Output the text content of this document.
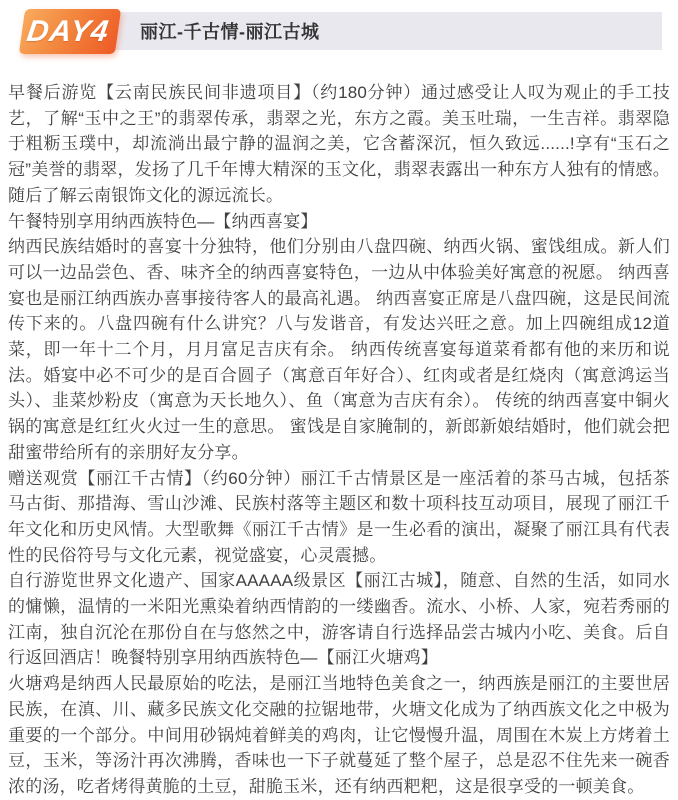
丽江-千古情-丽江古城
DAY4

早餐后游览【云南民族民间非遗项目】（约180分钟）通过感受让人叹为观止的手工技艺，了解“玉中之王”的翡翠传承，翡翠之光，东方之霞。美玉吐瑞，一生吉祥。翡翠隐于粗粝玉璞中，却流淌出最宁静的温润之美，它含蓄深沉，恒久致远......!享有“玉石之冠”美誉的翡翠，发扬了几千年博大精深的玉文化，翡翠表露出一种东方人独有的情感。随后了解云南银饰文化的源远流长。

午餐特别享用纳西族特色—【纳西喜宴】

纳西民族结婚时的喜宴十分独特，他们分别由八盘四碗、纳西火锅、蜜饯组成。新人们可以一边品尝色、香、味齐全的纳西喜宴特色，一边从中体验美好寓意的祝愿。 纳西喜宴也是丽江纳西族办喜事接待客人的最高礼遇。 纳西喜宴正席是八盘四碗，这是民间流传下来的。八盘四碗有什么讲究？八与发谐音，有发达兴旺之意。加上四碗组成12道菜，即一年十二个月，月月富足吉庆有余。 纳西传统喜宴每道菜肴都有他的来历和说法。婚宴中必不可少的是百合圆子（寓意百年好合）、红肉或者是红烧肉（寓意鸿运当头）、韭菜炒粉皮（寓意为天长地久）、鱼（寓意为吉庆有余）。 传统的纳西喜宴中铜火锅的寓意是红红火火过一生的意思。 蜜饯是自家腌制的，新郎新娘结婚时，他们就会把甜蜜带给所有的亲朋好友分享。

赠送观赏【丽江千古情】（约60分钟）丽江千古情景区是一座活着的茶马古城，包括茶马古街、那措海、雪山沙滩、民族村落等主题区和数十项科技互动项目，展现了丽江千年文化和历史风情。大型歌舞《丽江千古情》是一生必看的演出，凝聚了丽江具有代表性的民俗符号与文化元素，视觉盛宴，心灵震撼。

自行游览世界文化遗产、国家AAAAA级景区【丽江古城】，随意、自然的生活，如同水的慵懒，温情的一米阳光熏染着纳西情韵的一缕幽香。流水、小桥、人家，宛若秀丽的江南，独自沉沦在那份自在与悠然之中，游客请自行选择品尝古城内小吃、美食。后自行返回酒店！晚餐特别享用纳西族特色—【丽江火塘鸡】

火塘鸡是纳西人民最原始的吃法，是丽江当地特色美食之一，纳西族是丽江的主要世居民族，在滇、川、藏多民族文化交融的拉锯地带，火塘文化成为了纳西族文化之中极为重要的一个部分。中间用砂锅炖着鲜美的鸡肉，让它慢慢升温，周围在木炭上方烤着土豆，玉米，等汤汁再次沸腾，香味也一下子就蔓延了整个屋子，总是忍不住先来一碗香浓的汤，吃者烤得黄脆的土豆，甜脆玉米，还有纳西粑粑，这是很享受的一顿美食。
